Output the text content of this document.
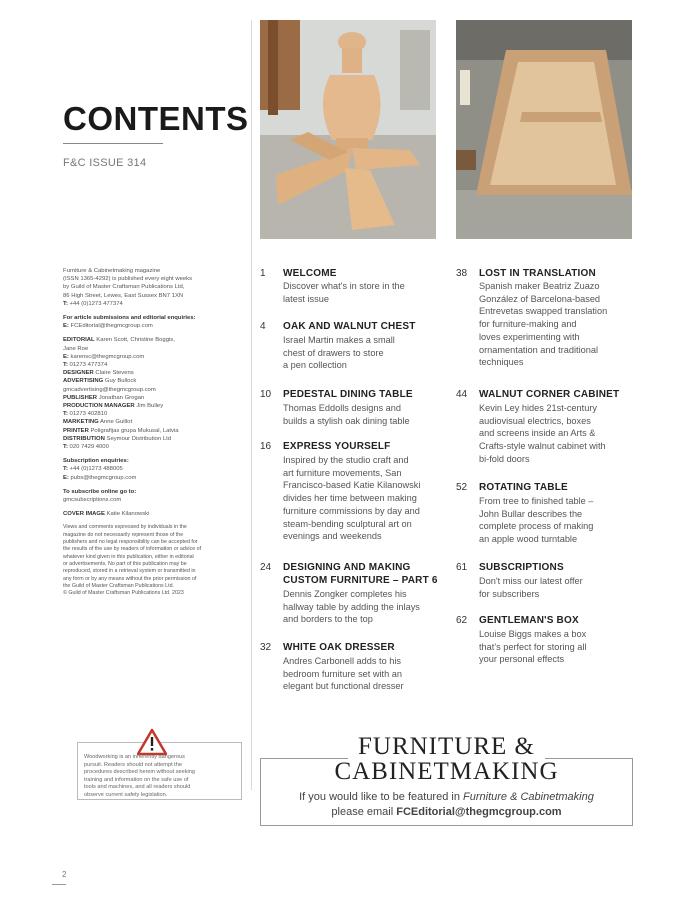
CONTENTS
F&C ISSUE 314

Furniture & Cabinetmaking magazine
(ISSN 1365-4292) is published every eight weeks
by Guild of Master Craftsman Publications Ltd,
86 High Street, Lewes, East Sussex BN7 1XN
T: +44 (0)1273 477374

For article submissions and editorial enquiries:
E: FCEditorial@thegmcgroup.com

EDITORIAL Karen Scott, Christine Boggis,
Jane Roe
E: karensc@thegmcgroup.com
T: 01273 477374
DESIGNER Claire Stevens
ADVERTISING Guy Bullock
gmcadvertising@thegmcgroup.com
PUBLISHER Jonathan Grogan
PRODUCTION MANAGER Jim Bulley
T: 01273 402810
MARKETING Anne Guillot
PRINTER Poligrafijas grupa Mukusal, Latvia
DISTRIBUTION Seymour Distribution Ltd
T: 020 7429 4000

Subscription enquiries:
T: +44 (0)1273 488005
E: pubs@thegmcgroup.com

To subscribe online go to:
gmcsubscriptions.com

COVER IMAGE Katie Kilanowski

Views and comments expressed by individuals in the
magazine do not necessarily represent those of the
publishers and no legal responsibility can be accepted for
the results of the use by readers of information or advice of
whatever kind given in this publication, either in editorial
or advertisements. No part of this publication may be
reproduced, stored in a retrieval system or transmitted in
any form or by any means without the prior permission of
the Guild of Master Craftsman Publications Ltd.
© Guild of Master Craftsman Publications Ltd. 2023

Woodworking is an inherently dangerous
pursuit. Readers should not attempt the
procedures described herein without seeking
training and information on the safe use of
tools and machines, and all readers should
observe current safety legislation.
1 WELCOME
Discover what's in store in the
latest issue
4 OAK AND WALNUT CHEST
Israel Martin makes a small
chest of drawers to store
a pen collection
10 PEDESTAL DINING TABLE
Thomas Eddolls designs and
builds a stylish oak dining table
16 EXPRESS YOURSELF
Inspired by the studio craft and
art furniture movements, San
Francisco-based Katie Kilanowski
divides her time between making
furniture commissions by day and
steam-bending sculptural art on
evenings and weekends
24 DESIGNING AND MAKING
CUSTOM FURNITURE – PART 6
Dennis Zongker completes his
hallway table by adding the inlays
and borders to the top
32 WHITE OAK DRESSER
Andres Carbonell adds to his
bedroom furniture set with an
elegant but functional dresser
38 LOST IN TRANSLATION
Spanish maker Beatriz Zuazo
González of Barcelona-based
Entrevetas swapped translation
for furniture-making and
loves experimenting with
ornamentation and traditional
techniques
44 WALNUT CORNER CABINET
Kevin Ley hides 21st-century
audiovisual electrics, boxes
and screens inside an Arts &
Crafts-style walnut cabinet with
bi-fold doors
52 ROTATING TABLE
From tree to finished table –
John Bullar describes the
complete process of making
an apple wood turntable
61 SUBSCRIPTIONS
Don't miss our latest offer
for subscribers
62 GENTLEMAN'S BOX
Louise Biggs makes a box
that's perfect for storing all
your personal effects
FURNITURE &
CABINETMAKING
If you would like to be featured in Furniture & Cabinetmaking
please email FCEditorial@thegmcgroup.com
2
